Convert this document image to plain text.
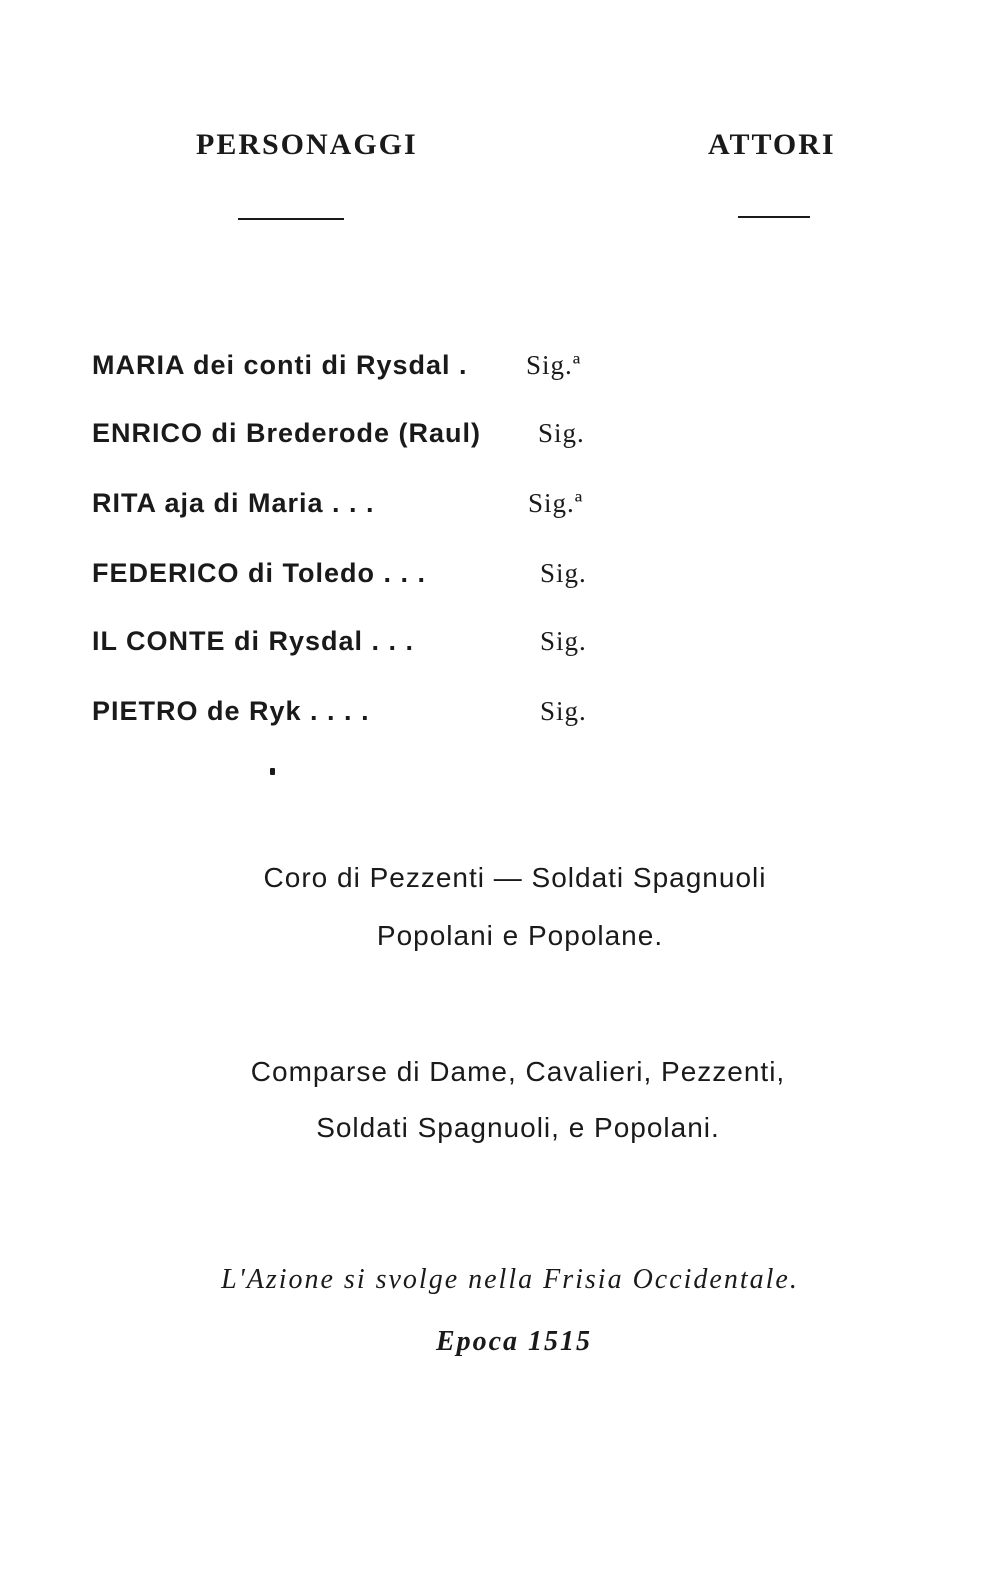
PERSONAGGI	ATTORI
MARIA dei conti di Rysdal . Sig.ª
ENRICO di Brederode (Raul) Sig.
RITA aja di Maria . . .	Sig.ª
FEDERICO di Toledo . . .	Sig.
IL CONTE di Rysdal . . .	Sig.
PIETRO de Ryk . . . .	Sig.
Coro di Pezzenti — Soldati Spagnuoli
Popolani e Popolane.
Comparse di Dame, Cavalieri, Pezzenti,
Soldati Spagnuoli, e Popolani.
L'Azione si svolge nella Frisia Occidentale.
Epoca 1515
